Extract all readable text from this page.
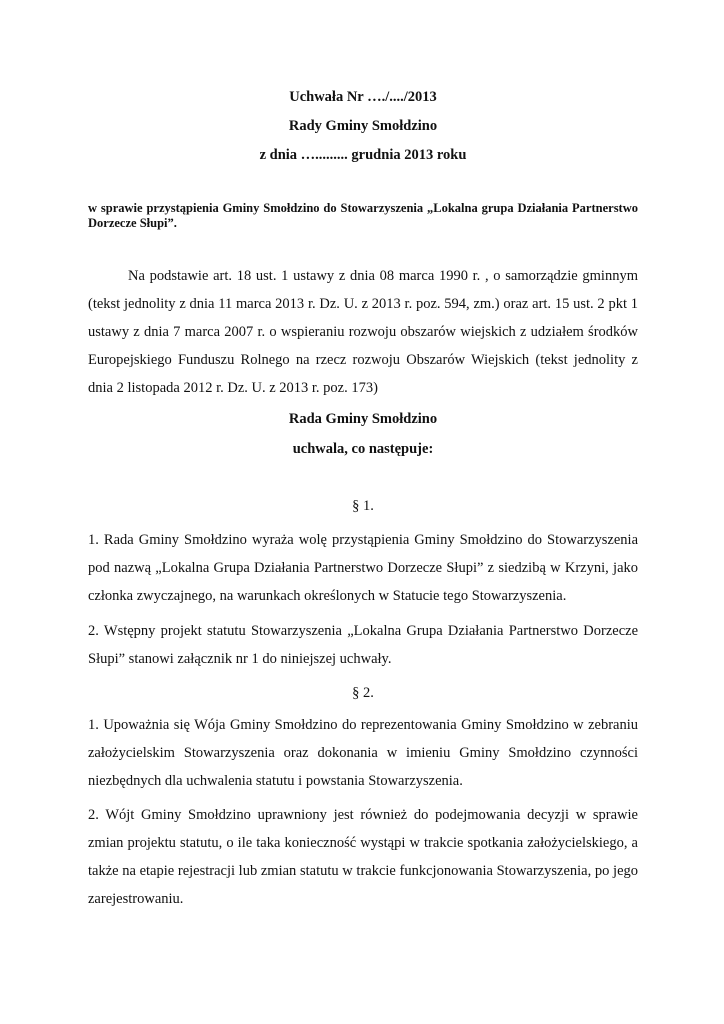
Uchwała Nr …./..../2013

Rady Gminy Smołdzino

z dnia …......... grudnia 2013 roku

w sprawie przystąpienia Gminy Smołdzino do Stowarzyszenia „Lokalna grupa Działania Partnerstwo Dorzecze Słupi”.

Na podstawie art. 18 ust. 1 ustawy z dnia 08 marca 1990 r. , o samorządzie gminnym (tekst jednolity z dnia 11 marca 2013 r. Dz. U. z 2013 r. poz. 594, zm.) oraz art. 15 ust. 2 pkt 1 ustawy z dnia 7 marca 2007 r. o wspieraniu rozwoju obszarów wiejskich z udziałem środków Europejskiego Funduszu Rolnego na rzecz rozwoju Obszarów Wiejskich (tekst jednolity z dnia 2 listopada 2012 r. Dz. U. z 2013 r. poz. 173)

Rada Gminy Smołdzino

uchwala, co następuje:

§ 1.

1. Rada Gminy Smołdzino wyraża wolę przystąpienia Gminy Smołdzino do Stowarzyszenia pod nazwą „Lokalna Grupa Działania Partnerstwo Dorzecze Słupi” z siedzibą w Krzyni, jako członka zwyczajnego, na warunkach określonych w Statucie tego Stowarzyszenia.

2. Wstępny projekt statutu Stowarzyszenia „Lokalna Grupa Działania Partnerstwo Dorzecze Słupi” stanowi załącznik nr 1 do niniejszej uchwały.

§ 2.

1. Upoważnia się Wója Gminy Smołdzino do reprezentowania Gminy Smołdzino w zebraniu założycielskim Stowarzyszenia oraz dokonania w imieniu Gminy Smołdzino czynności niezbędnych dla uchwalenia statutu i powstania Stowarzyszenia.

2. Wójt Gminy Smołdzino uprawniony jest również do podejmowania decyzji w sprawie zmian projektu statutu, o ile taka konieczność wystąpi w trakcie spotkania założycielskiego, a także na etapie rejestracji lub zmian statutu w trakcie funkcjonowania Stowarzyszenia, po jego zarejestrowaniu.
